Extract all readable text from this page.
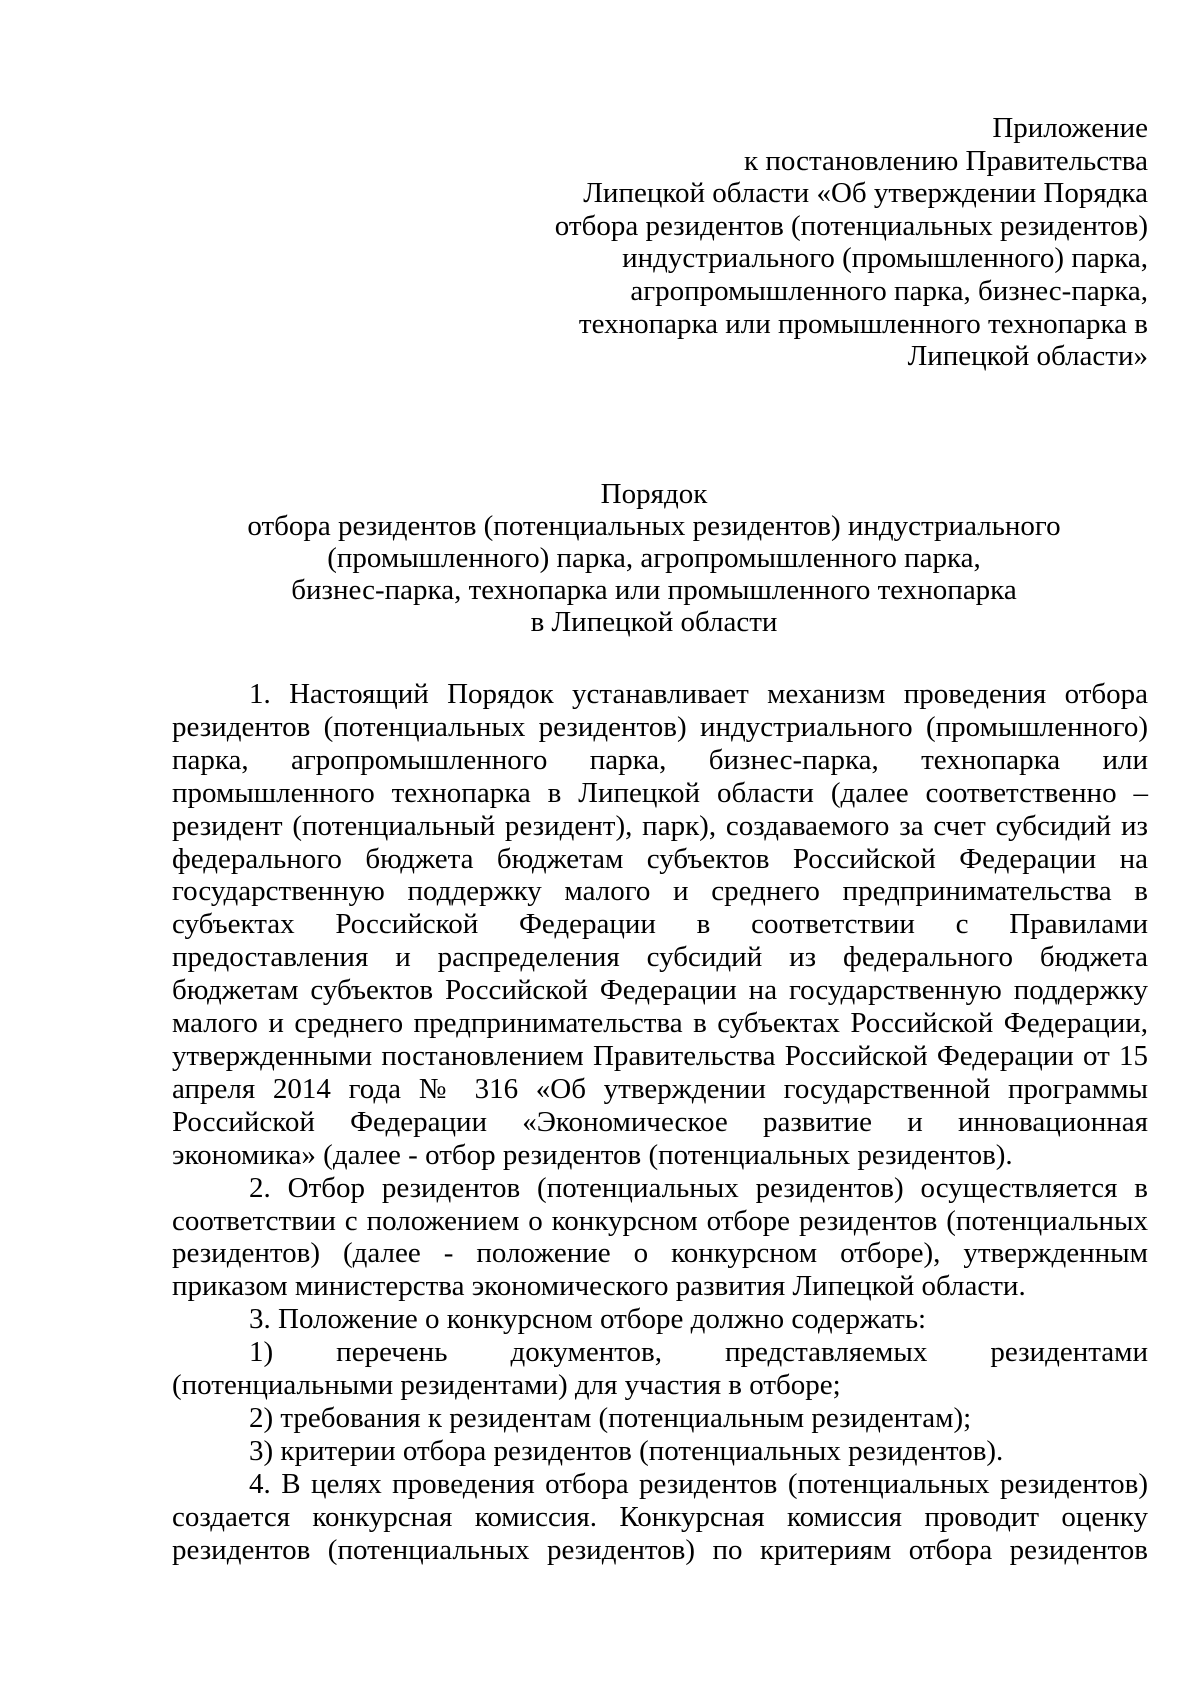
Приложение
к постановлению Правительства
Липецкой области «Об утверждении Порядка
отбора резидентов (потенциальных резидентов)
индустриального (промышленного) парка,
агропромышленного парка, бизнес-парка,
технопарка или промышленного технопарка в
Липецкой области»
Порядок
отбора резидентов (потенциальных резидентов) индустриального
(промышленного) парка, агропромышленного парка,
бизнес-парка, технопарка или промышленного технопарка
в Липецкой области

1. Настоящий Порядок устанавливает механизм проведения отбора резидентов (потенциальных резидентов) индустриального (промышленного) парка, агропромышленного парка, бизнес-парка, технопарка или промышленного технопарка в Липецкой области (далее соответственно – резидент (потенциальный резидент), парк), создаваемого за счет субсидий из федерального бюджета бюджетам субъектов Российской Федерации на государственную поддержку малого и среднего предпринимательства в субъектах Российской Федерации в соответствии с Правилами предоставления и распределения субсидий из федерального бюджета бюджетам субъектов Российской Федерации на государственную поддержку малого и среднего предпринимательства в субъектах Российской Федерации, утвержденными постановлением Правительства Российской Федерации от 15 апреля 2014 года № 316 «Об утверждении государственной программы Российской Федерации «Экономическое развитие и инновационная экономика» (далее - отбор резидентов (потенциальных резидентов).

2. Отбор резидентов (потенциальных резидентов) осуществляется в соответствии с положением о конкурсном отборе резидентов (потенциальных резидентов) (далее - положение о конкурсном отборе), утвержденным приказом министерства экономического развития Липецкой области.

3. Положение о конкурсном отборе должно содержать:

1) перечень документов, представляемых резидентами (потенциальными резидентами) для участия в отборе;

2) требования к резидентам (потенциальным резидентам);

3) критерии отбора резидентов (потенциальных резидентов).

4. В целях проведения отбора резидентов (потенциальных резидентов) создается конкурсная комиссия. Конкурсная комиссия проводит оценку резидентов (потенциальных резидентов) по критериям отбора резидентов
